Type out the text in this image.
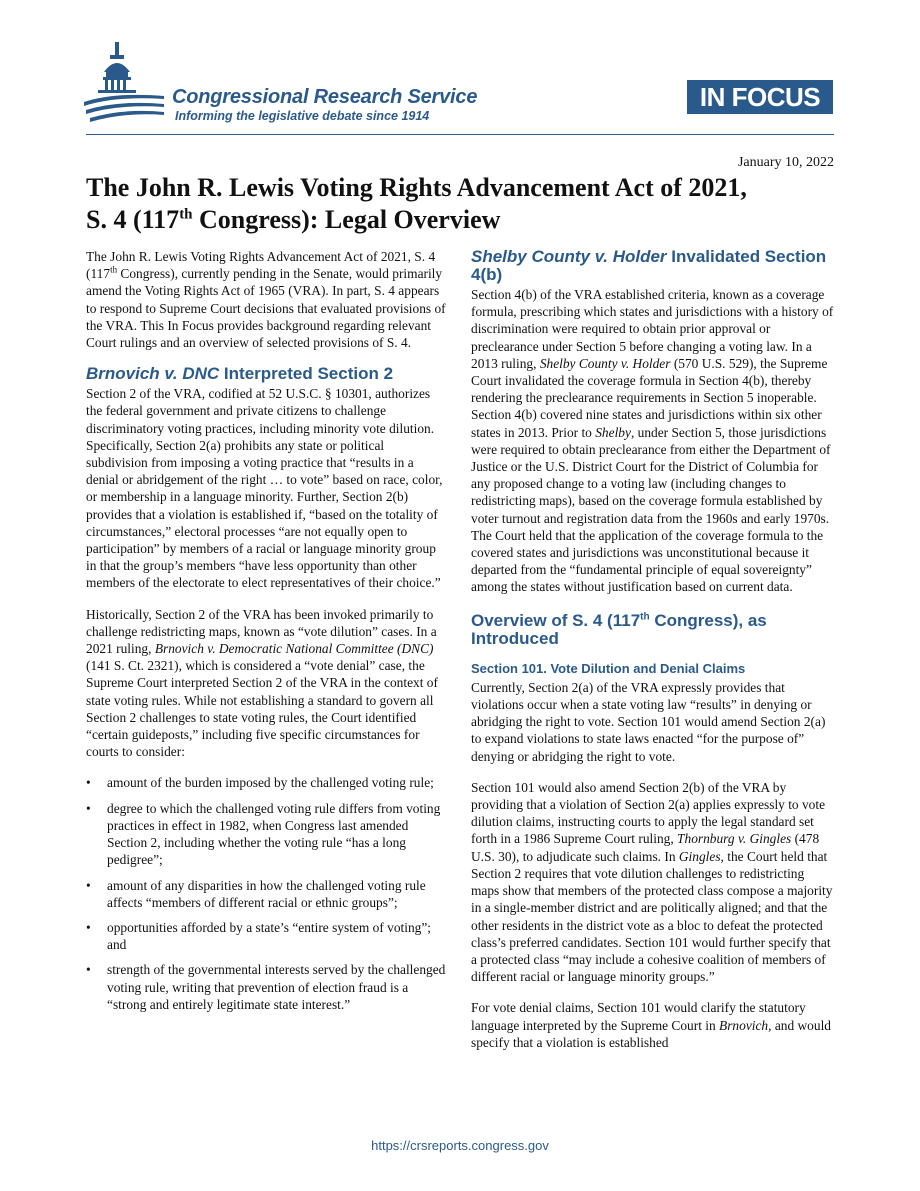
Congressional Research Service
Informing the legislative debate since 1914
IN FOCUS
January 10, 2022
The John R. Lewis Voting Rights Advancement Act of 2021,
S. 4 (117th Congress): Legal Overview

The John R. Lewis Voting Rights Advancement Act of 2021, S. 4 (117th Congress), currently pending in the Senate, would primarily amend the Voting Rights Act of 1965 (VRA). In part, S. 4 appears to respond to Supreme Court decisions that evaluated provisions of the VRA. This In Focus provides background regarding relevant Court rulings and an overview of selected provisions of S. 4.

Brnovich v. DNC Interpreted Section 2

Section 2 of the VRA, codified at 52 U.S.C. § 10301, authorizes the federal government and private citizens to challenge discriminatory voting practices, including minority vote dilution. Specifically, Section 2(a) prohibits any state or political subdivision from imposing a voting practice that “results in a denial or abridgement of the right … to vote” based on race, color, or membership in a language minority. Further, Section 2(b) provides that a violation is established if, “based on the totality of circumstances,” electoral processes “are not equally open to participation” by members of a racial or language minority group in that the group’s members “have less opportunity than other members of the electorate to elect representatives of their choice.”

Historically, Section 2 of the VRA has been invoked primarily to challenge redistricting maps, known as “vote dilution” cases. In a 2021 ruling, Brnovich v. Democratic National Committee (DNC) (141 S. Ct. 2321), which is considered a “vote denial” case, the Supreme Court interpreted Section 2 of the VRA in the context of state voting rules. While not establishing a standard to govern all Section 2 challenges to state voting rules, the Court identified “certain guideposts,” including five specific circumstances for courts to consider:

• amount of the burden imposed by the challenged voting rule;
• degree to which the challenged voting rule differs from voting practices in effect in 1982, when Congress last amended Section 2, including whether the voting rule “has a long pedigree”;
• amount of any disparities in how the challenged voting rule affects “members of different racial or ethnic groups”;
• opportunities afforded by a state’s “entire system of voting”; and
• strength of the governmental interests served by the challenged voting rule, writing that prevention of election fraud is a “strong and entirely legitimate state interest.”
Shelby County v. Holder Invalidated Section 4(b)

Section 4(b) of the VRA established criteria, known as a coverage formula, prescribing which states and jurisdictions with a history of discrimination were required to obtain prior approval or preclearance under Section 5 before changing a voting law. In a 2013 ruling, Shelby County v. Holder (570 U.S. 529), the Supreme Court invalidated the coverage formula in Section 4(b), thereby rendering the preclearance requirements in Section 5 inoperable. Section 4(b) covered nine states and jurisdictions within six other states in 2013. Prior to Shelby, under Section 5, those jurisdictions were required to obtain preclearance from either the Department of Justice or the U.S. District Court for the District of Columbia for any proposed change to a voting law (including changes to redistricting maps), based on the coverage formula established by voter turnout and registration data from the 1960s and early 1970s. The Court held that the application of the coverage formula to the covered states and jurisdictions was unconstitutional because it departed from the “fundamental principle of equal sovereignty” among the states without justification based on current data.

Overview of S. 4 (117th Congress), as Introduced
Section 101. Vote Dilution and Denial Claims

Currently, Section 2(a) of the VRA expressly provides that violations occur when a state voting law “results” in denying or abridging the right to vote. Section 101 would amend Section 2(a) to expand violations to state laws enacted “for the purpose of” denying or abridging the right to vote.

Section 101 would also amend Section 2(b) of the VRA by providing that a violation of Section 2(a) applies expressly to vote dilution claims, instructing courts to apply the legal standard set forth in a 1986 Supreme Court ruling, Thornburg v. Gingles (478 U.S. 30), to adjudicate such claims. In Gingles, the Court held that Section 2 requires that vote dilution challenges to redistricting maps show that members of the protected class compose a majority in a single-member district and are politically aligned; and that the other residents in the district vote as a bloc to defeat the protected class’s preferred candidates. Section 101 would further specify that a protected class “may include a cohesive coalition of members of different racial or language minority groups.”

For vote denial claims, Section 101 would clarify the statutory language interpreted by the Supreme Court in Brnovich, and would specify that a violation is established

https://crsreports.congress.gov
